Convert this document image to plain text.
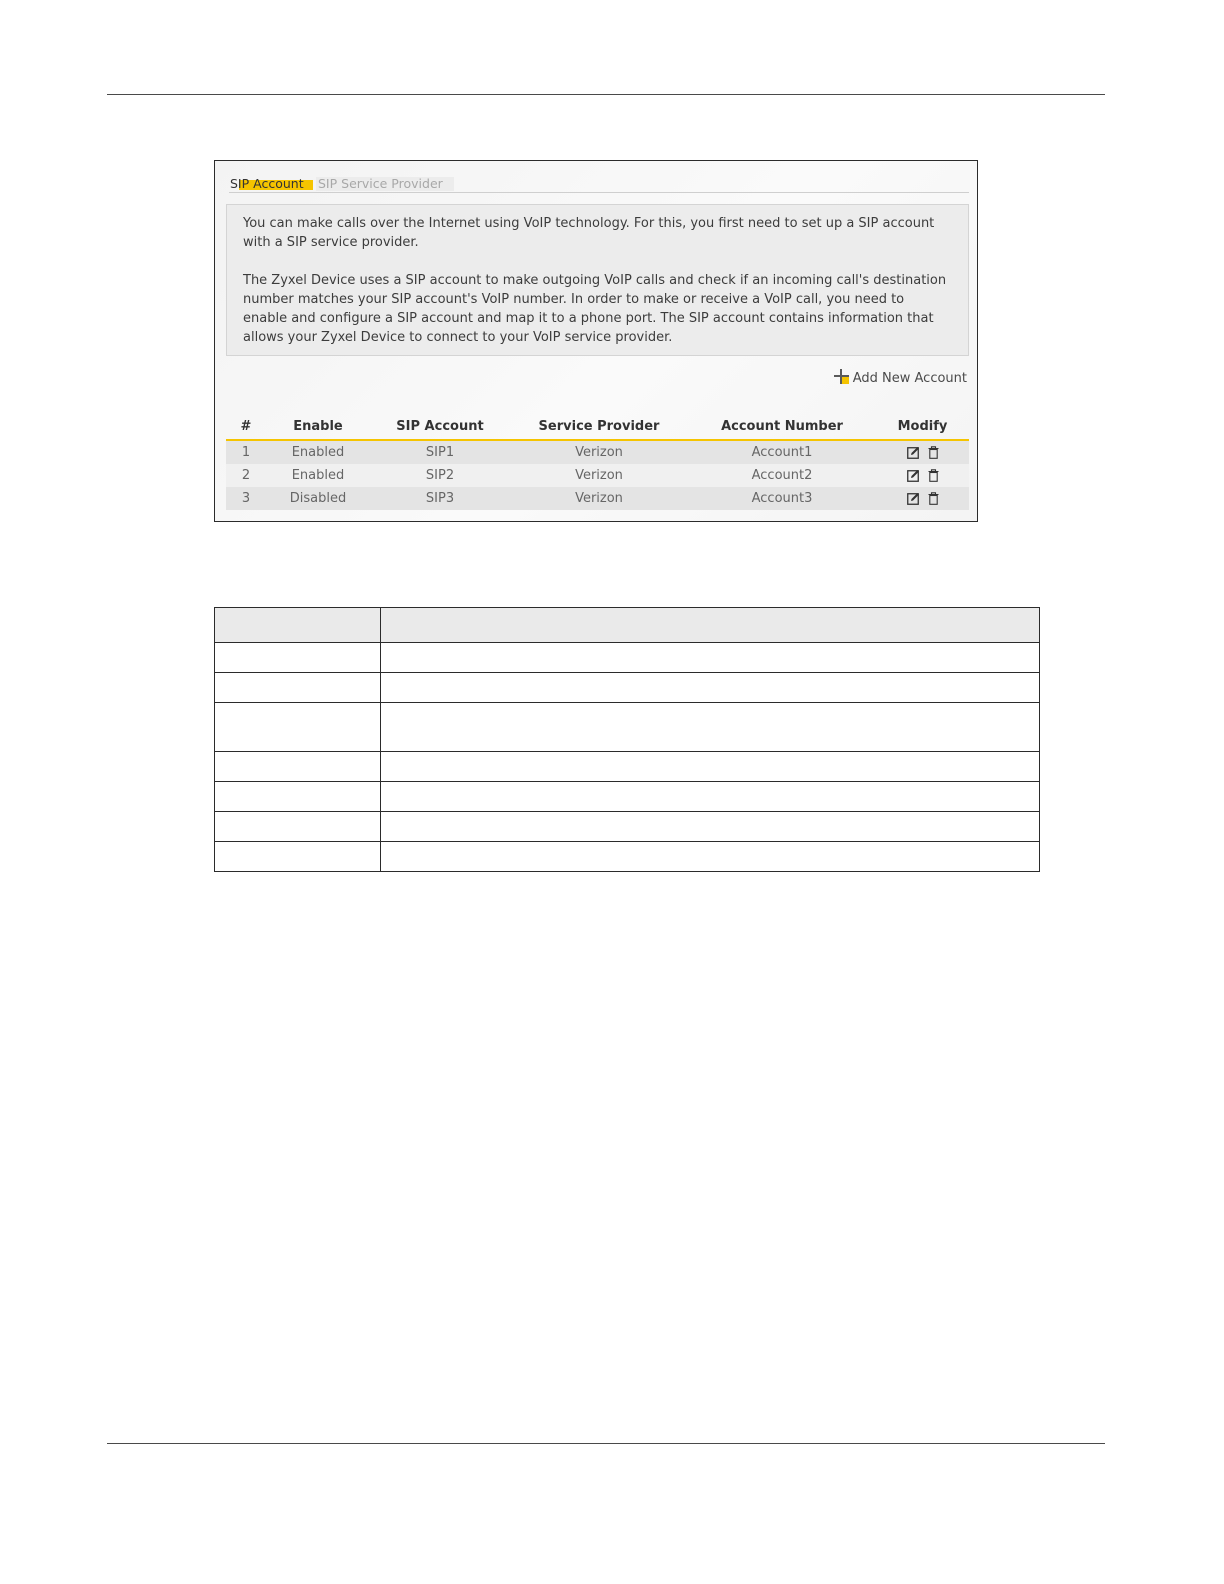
SIP Account	SIP Service Provider

You can make calls over the Internet using VoIP technology. For this, you first need to set up a SIP account with a SIP service provider.

The Zyxel Device uses a SIP account to make outgoing VoIP calls and check if an incoming call's destination number matches your SIP account's VoIP number. In order to make or receive a VoIP call, you need to enable and configure a SIP account and map it to a phone port. The SIP account contains information that allows your Zyxel Device to connect to your VoIP service provider.

Add New Account
#	Enable	SIP Account	Service Provider	Account Number	Modify
1	Enabled	SIP1	Verizon	Account1	
2	Enabled	SIP2	Verizon	Account2	
3	Disabled	SIP3	Verizon	Account3	
